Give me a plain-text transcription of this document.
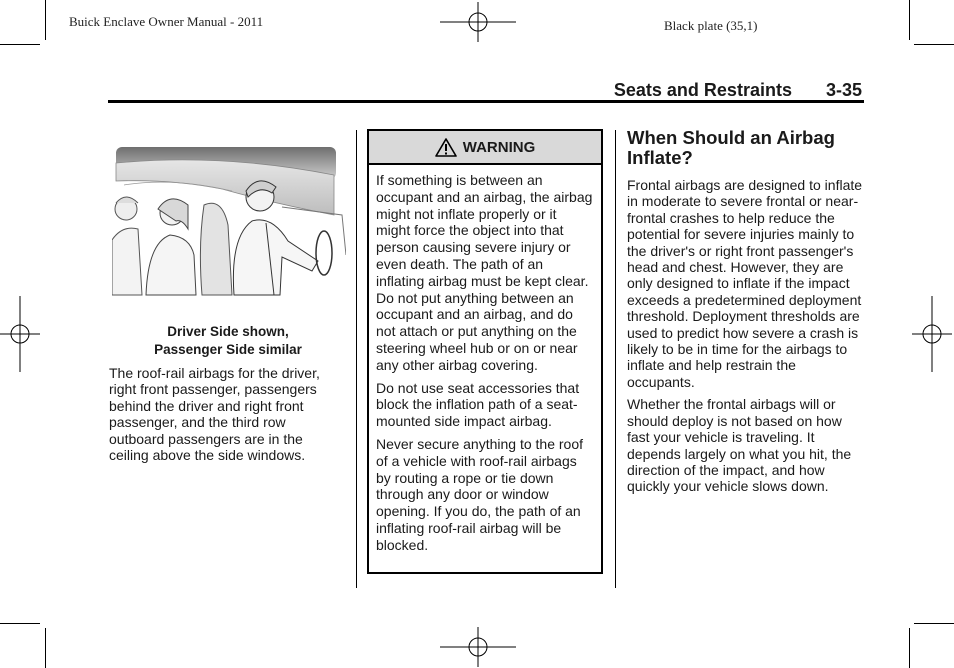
Buick Enclave Owner Manual - 2011	Black plate (35,1)
Seats and Restraints 3-35
Driver Side shown,
Passenger Side similar
The roof-rail airbags for the driver, right front passenger, passengers behind the driver and right front passenger, and the third row outboard passengers are in the ceiling above the side windows.
WARNING

If something is between an occupant and an airbag, the airbag might not inflate properly or it might force the object into that person causing severe injury or even death. The path of an inflating airbag must be kept clear. Do not put anything between an occupant and an airbag, and do not attach or put anything on the steering wheel hub or on or near any other airbag covering.

Do not use seat accessories that block the inflation path of a seat-mounted side impact airbag.

Never secure anything to the roof of a vehicle with roof-rail airbags by routing a rope or tie down through any door or window opening. If you do, the path of an inflating roof-rail airbag will be blocked.

When Should an Airbag Inflate?

Frontal airbags are designed to inflate in moderate to severe frontal or near-frontal crashes to help reduce the potential for severe injuries mainly to the driver's or right front passenger's head and chest. However, they are only designed to inflate if the impact exceeds a predetermined deployment threshold. Deployment thresholds are used to predict how severe a crash is likely to be in time for the airbags to inflate and help restrain the occupants.

Whether the frontal airbags will or should deploy is not based on how fast your vehicle is traveling. It depends largely on what you hit, the direction of the impact, and how quickly your vehicle slows down.
